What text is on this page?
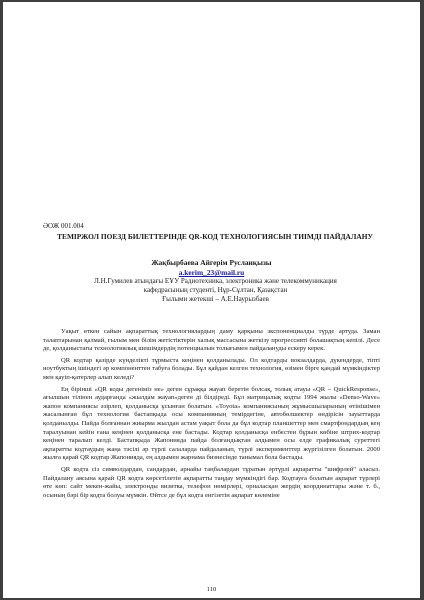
ӘОЖ 001.004
ТЕМІРЖОЛ ПОЕЗД БИЛЕТТЕРІНДЕ QR-КОД ТЕХНОЛОГИЯСЫН ТИІМДІ ПАЙДАЛАНУ
Жақбырбаева Айгерім Русланқызы
a.kerim_23@mail.ru
Л.Н.Гумилев атындағы ЕҰУ Радиотехника, электроника және телекоммуникация
кафедрасының студенті, Нұр-Сұлтан, Қазақстан
Ғылыми жетекші – А.Е.Наурызбаев

Уақыт өткен сайын ақпараттық технологиялардың даму қарқыны экспоненциалды түрде артуда. Заман талаптарынан қалмай, ғылым мен білім жетістіктерін халық массасына жеткізу прогрессивті болашақтың кепілі. Десе де, қолданыстағы технологиялық шешімдердің потенциалын толығымен пайдалануды ескеру керек.

QR кодтар қазірде күнделікті тұрмыста кеңінен қолданылады. Ол кодтарды вокзалдарда, дүкендерде, тіпті ноутбуктың ішіндегі әр компоненттен табуға болады. Бұл қайдан келген технология, өзімен бірге қандай мүмкіндіктер мен қауіп-қатерлер алып келеді?

Ең бірінші «QR коды дегеніміз не» деген сұраққа жауап беретін болсақ, толық атауы «QR – QuickResponse», ағылшын тілінен аударғанда «жылдам жауап»деген ді білдіреді. Бұл матрицалық кодты 1994 жылы «Denso-Wave» жапон компаниясы әзірлеп, қолданысқа ұсынған болатын. «Toyota» компаниясының жұмысшыларының өтінішімен жасалынған бұл технология бастапқыда осы компанияның темірдегіне, автобөлшектер өндірісін зауыттарда қолданылды. Пайда болғаннан жиырма жылдан астам уақыт бола да бұл кодтар планшеттер мен смартфондардың кең таралуынан кейін ғана кеңінен қолданысқа ене бастады. Кодтар қолданысқа енбестен бұрын көбіне штрих-кодтар кеңінен таралып келді. Бастапқыда Жапонияда пайда болғандықтан алдымен осы елде графикалық суреттегі ақпаратты кодтаудың жаңа тәсілі әр түрлі салаларда пайдаланып, түрлі эксперименттер жүргізілген болатын. 2000 жылға қарай QR кодтар Жапонияда, ең алдымен жарнама бизнесінде танымал бола бастады.

QR кодта сіз символдардан, сандардан, арнайы таңбалардан тұратын әртүрлі ақпаратты "шифрлей" аласыз. Пайдалану аясына қарай QR кодта көрсетілетін ақпаратты таңдау мүмкіндігі бар. Кодтауға болатын ақпарат түрлері өте көп: сайт мекен-жайы, электронды визитка, телефон нөмірлері, орналасқан жердің координаттары және т. б., осының бәрі бір кодта болуы мүмкін. Өйтсе де бұл кодта енгізетін ақпарат көлеміне

110
